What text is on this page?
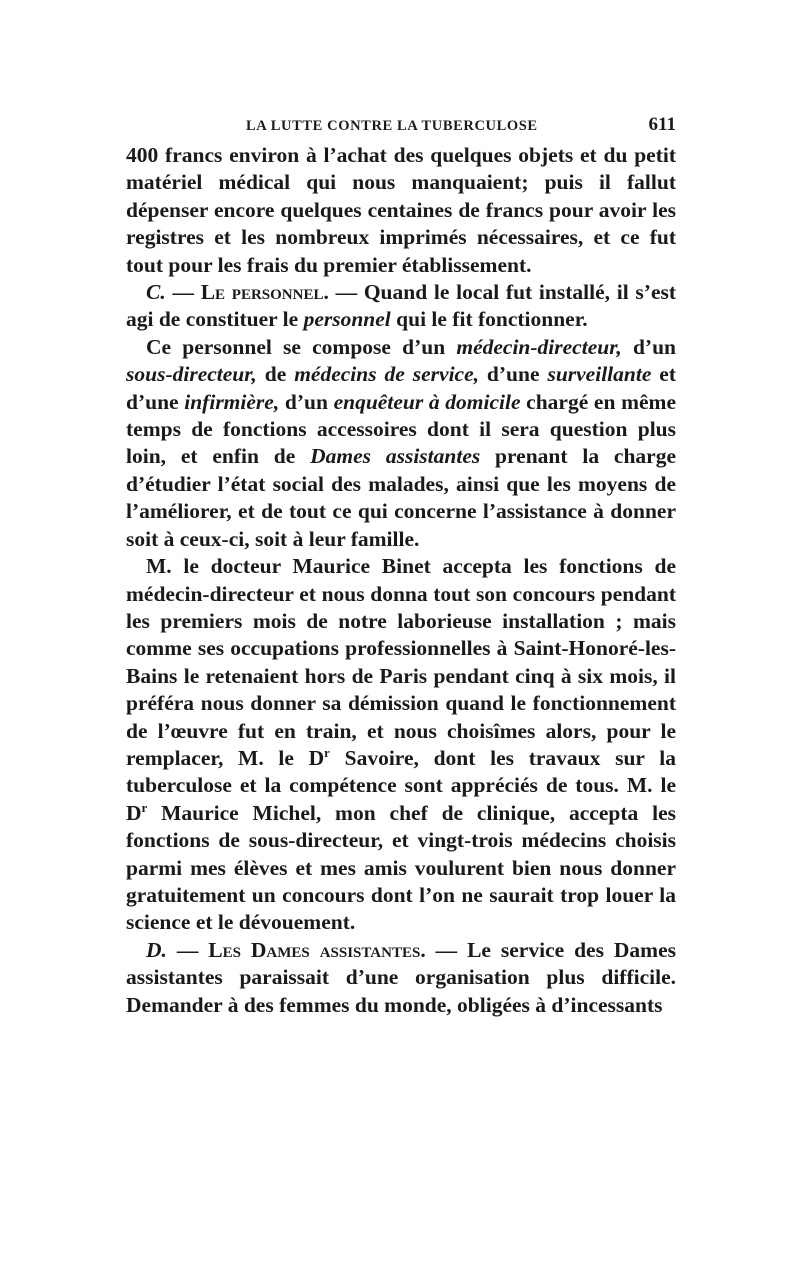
LA LUTTE CONTRE LA TUBERCULOSE	611

400 francs environ à l’achat des quelques objets et du petit matériel médical qui nous manquaient; puis il fallut dépenser encore quelques centaines de francs pour avoir les registres et les nombreux imprimés nécessaires, et ce fut tout pour les frais du premier établissement.

C. — Le personnel. — Quand le local fut installé, il s’est agi de constituer le personnel qui le fit fonctionner.

Ce personnel se compose d’un médecin-directeur, d’un sous-directeur, de médecins de service, d’une surveillante et d’une infirmière, d’un enquêteur à domicile chargé en même temps de fonctions accessoires dont il sera question plus loin, et enfin de Dames assistantes prenant la charge d’étudier l’état social des malades, ainsi que les moyens de l’améliorer, et de tout ce qui concerne l’assistance à donner soit à ceux-ci, soit à leur famille.

M. le docteur Maurice Binet accepta les fonctions de médecin-directeur et nous donna tout son concours pendant les premiers mois de notre laborieuse installation ; mais comme ses occupations professionnelles à Saint-Honoré-les-Bains le retenaient hors de Paris pendant cinq à six mois, il préféra nous donner sa démission quand le fonctionnement de l’œuvre fut en train, et nous choisîmes alors, pour le remplacer, M. le $D^r$ Savoire, dont les travaux sur la tuberculose et la compétence sont appréciés de tous. M. le $D^r$ Maurice Michel, mon chef de clinique, accepta les fonctions de sous-directeur, et vingt-trois médecins choisis parmi mes élèves et mes amis voulurent bien nous donner gratuitement un concours dont l’on ne saurait trop louer la science et le dévouement.

D. — Les Dames assistantes. — Le service des Dames assistantes paraissait d’une organisation plus difficile. Demander à des femmes du monde, obligées à d’incessants
